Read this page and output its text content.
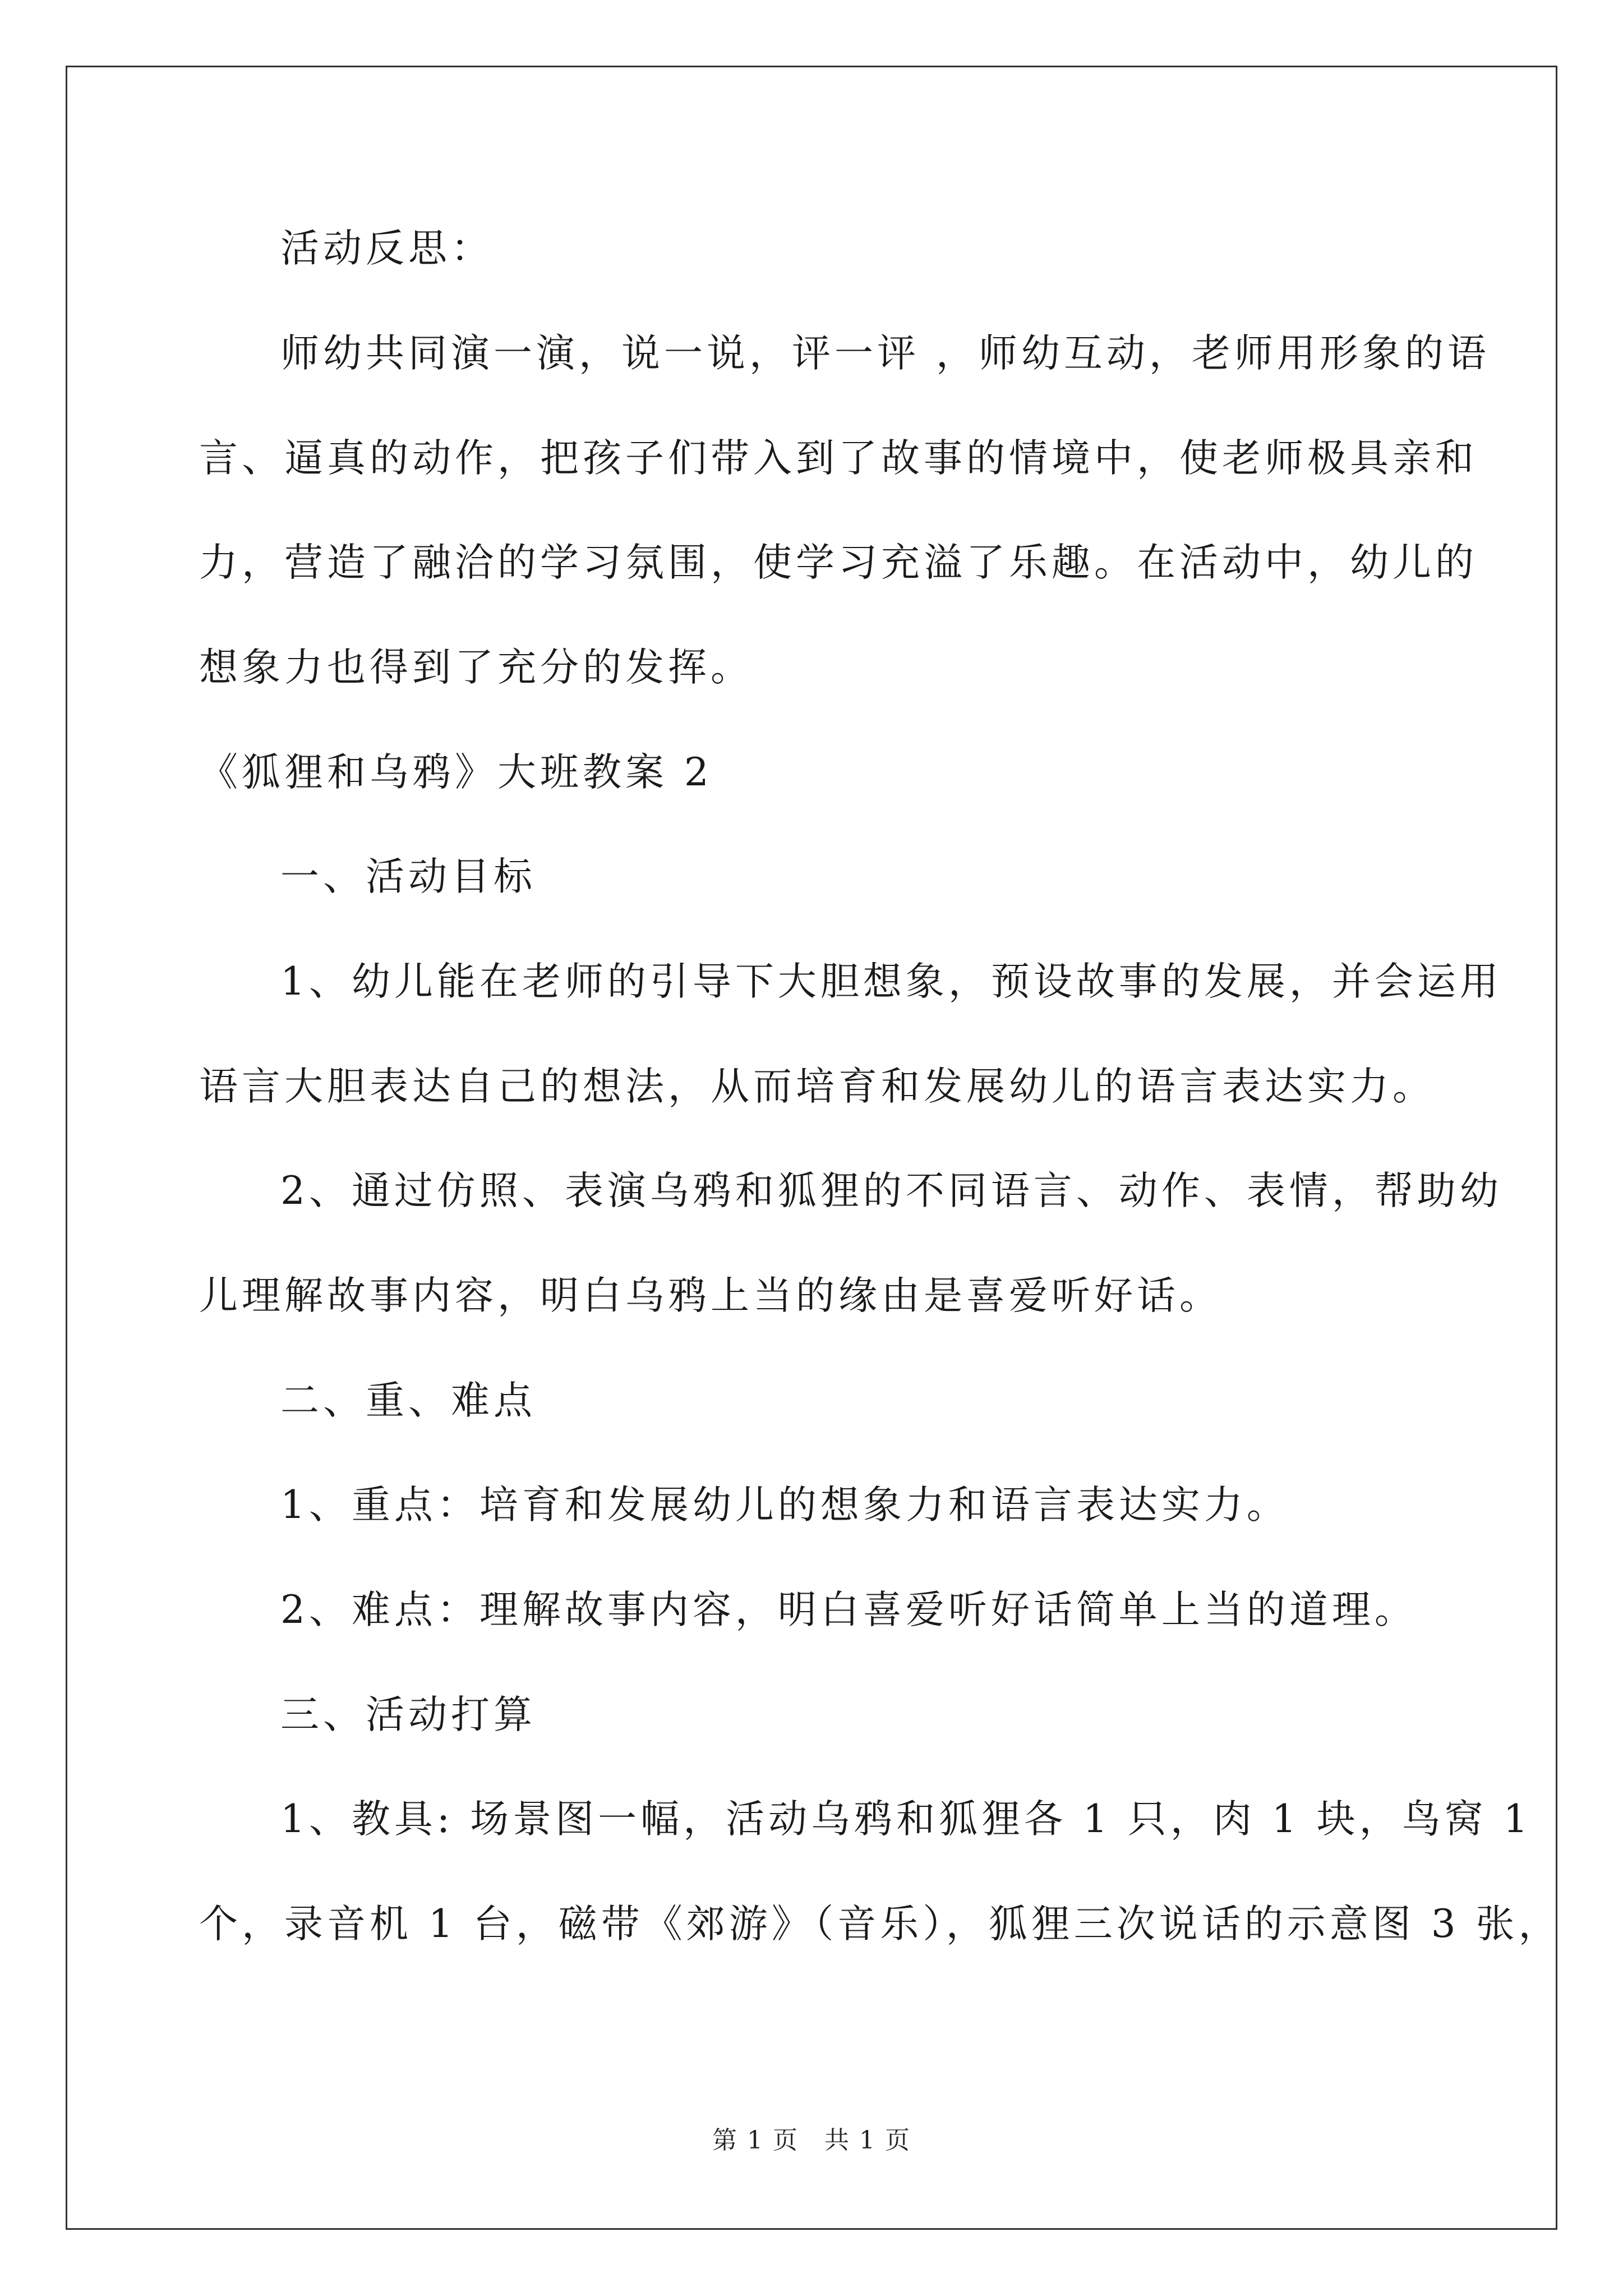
活动反思：
师幼共同演一演，说一说，评一评 ，师幼互动，老师用形象的语
言、逼真的动作，把孩子们带入到了故事的情境中，使老师极具亲和
力，营造了融洽的学习氛围，使学习充溢了乐趣。在活动中，幼儿的
想象力也得到了充分的发挥。
《狐狸和乌鸦》大班教案 2
一、活动目标
1、幼儿能在老师的引导下大胆想象，预设故事的发展，并会运用
语言大胆表达自己的想法，从而培育和发展幼儿的语言表达实力。
2、通过仿照、表演乌鸦和狐狸的不同语言、动作、表情，帮助幼
儿理解故事内容，明白乌鸦上当的缘由是喜爱听好话。
二、重、难点
1、重点：培育和发展幼儿的想象力和语言表达实力。
2、难点：理解故事内容，明白喜爱听好话简单上当的道理。
三、活动打算
1、教具: 场景图一幅，活动乌鸦和狐狸各 1 只，肉 1 块，鸟窝 1
个，录音机 1 台，磁带《郊游》（音乐），狐狸三次说话的示意图 3 张，
第 1 页　共 1 页
